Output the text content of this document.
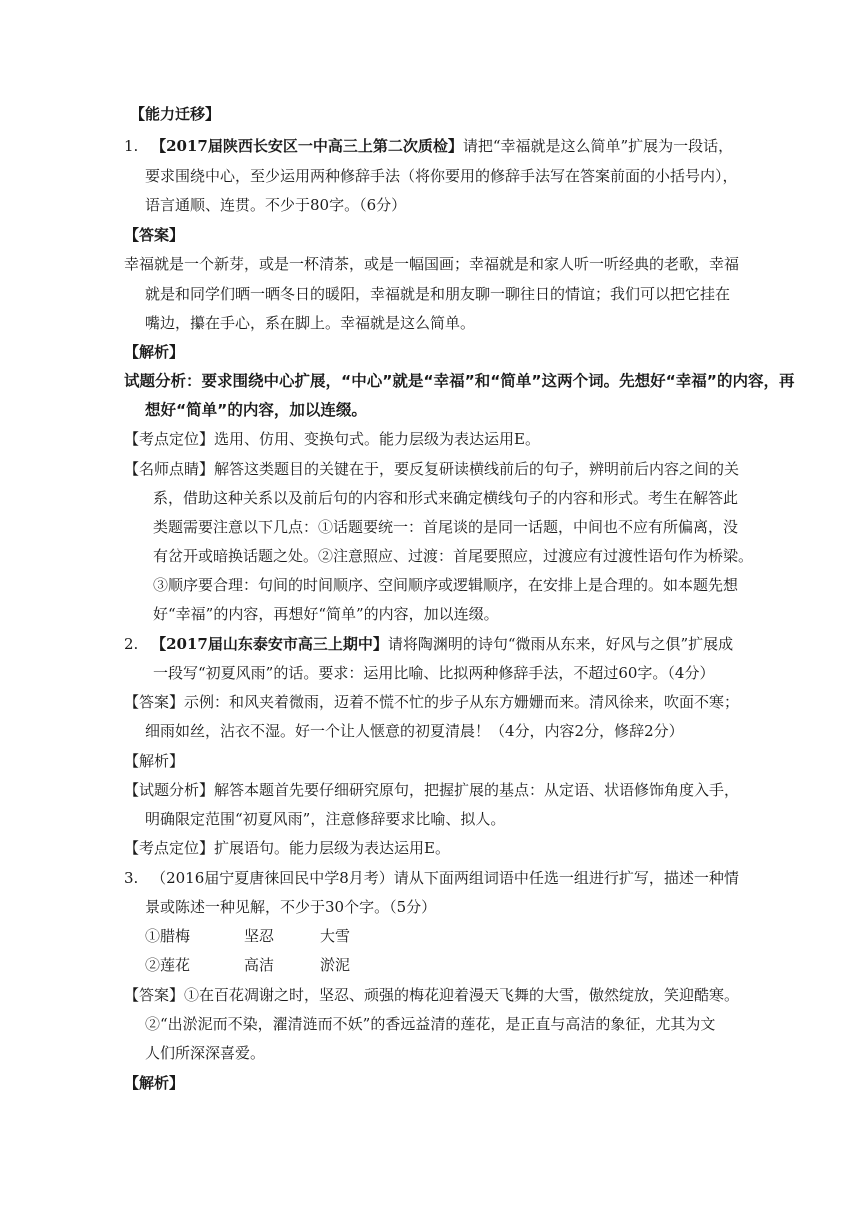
【能力迁移】
1. 【2017届陕西长安区一中高三上第二次质检】请把“幸福就是这么简单”扩展为一段话，
要求围绕中心，至少运用两种修辞手法（将你要用的修辞手法写在答案前面的小括号内），
语言通顺、连贯。不少于80字。（6分）
【答案】
幸福就是一个新芽，或是一杯清茶，或是一幅国画；幸福就是和家人听一听经典的老歌，幸福
就是和同学们晒一晒冬日的暖阳，幸福就是和朋友聊一聊往日的情谊；我们可以把它挂在
嘴边，攥在手心，系在脚上。幸福就是这么简单。
【解析】
试题分析：要求围绕中心扩展，“中心”就是“幸福”和“简单”这两个词。先想好“幸福”的内容，再
想好“简单”的内容，加以连缀。
【考点定位】选用、仿用、变换句式。能力层级为表达运用E。
【名师点睛】解答这类题目的关键在于，要反复研读横线前后的句子，辨明前后内容之间的关
系，借助这种关系以及前后句的内容和形式来确定横线句子的内容和形式。考生在解答此
类题需要注意以下几点：①话题要统一：首尾谈的是同一话题，中间也不应有所偏离，没
有岔开或暗换话题之处。②注意照应、过渡：首尾要照应，过渡应有过渡性语句作为桥梁。
③顺序要合理：句间的时间顺序、空间顺序或逻辑顺序，在安排上是合理的。如本题先想
好“幸福”的内容，再想好“简单”的内容，加以连缀。
2. 【2017届山东泰安市高三上期中】请将陶渊明的诗句“微雨从东来，好风与之俱”扩展成
一段写“初夏风雨”的话。要求：运用比喻、比拟两种修辞手法，不超过60字。（4分）
【答案】示例：和风夹着微雨，迈着不慌不忙的步子从东方姗姗而来。清风徐来，吹面不寒；
细雨如丝，沾衣不湿。好一个让人惬意的初夏清晨！（4分，内容2分，修辞2分）
【解析】
【试题分析】解答本题首先要仔细研究原句，把握扩展的基点：从定语、状语修饰角度入手，
明确限定范围“初夏风雨”，注意修辞要求比喻、拟人。
【考点定位】扩展语句。能力层级为表达运用E。
3. （2016届宁夏唐徕回民中学8月考）请从下面两组词语中任选一组进行扩写，描述一种情
景或陈述一种见解，不少于30个字。（5分）
①腊梅	坚忍	大雪
②莲花	高洁	淤泥
【答案】①在百花凋谢之时，坚忍、顽强的梅花迎着漫天飞舞的大雪，傲然绽放，笑迎酷寒。
②“出淤泥而不染，濯清涟而不妖”的香远益清的莲花，是正直与高洁的象征，尤其为文
人们所深深喜爱。
【解析】
